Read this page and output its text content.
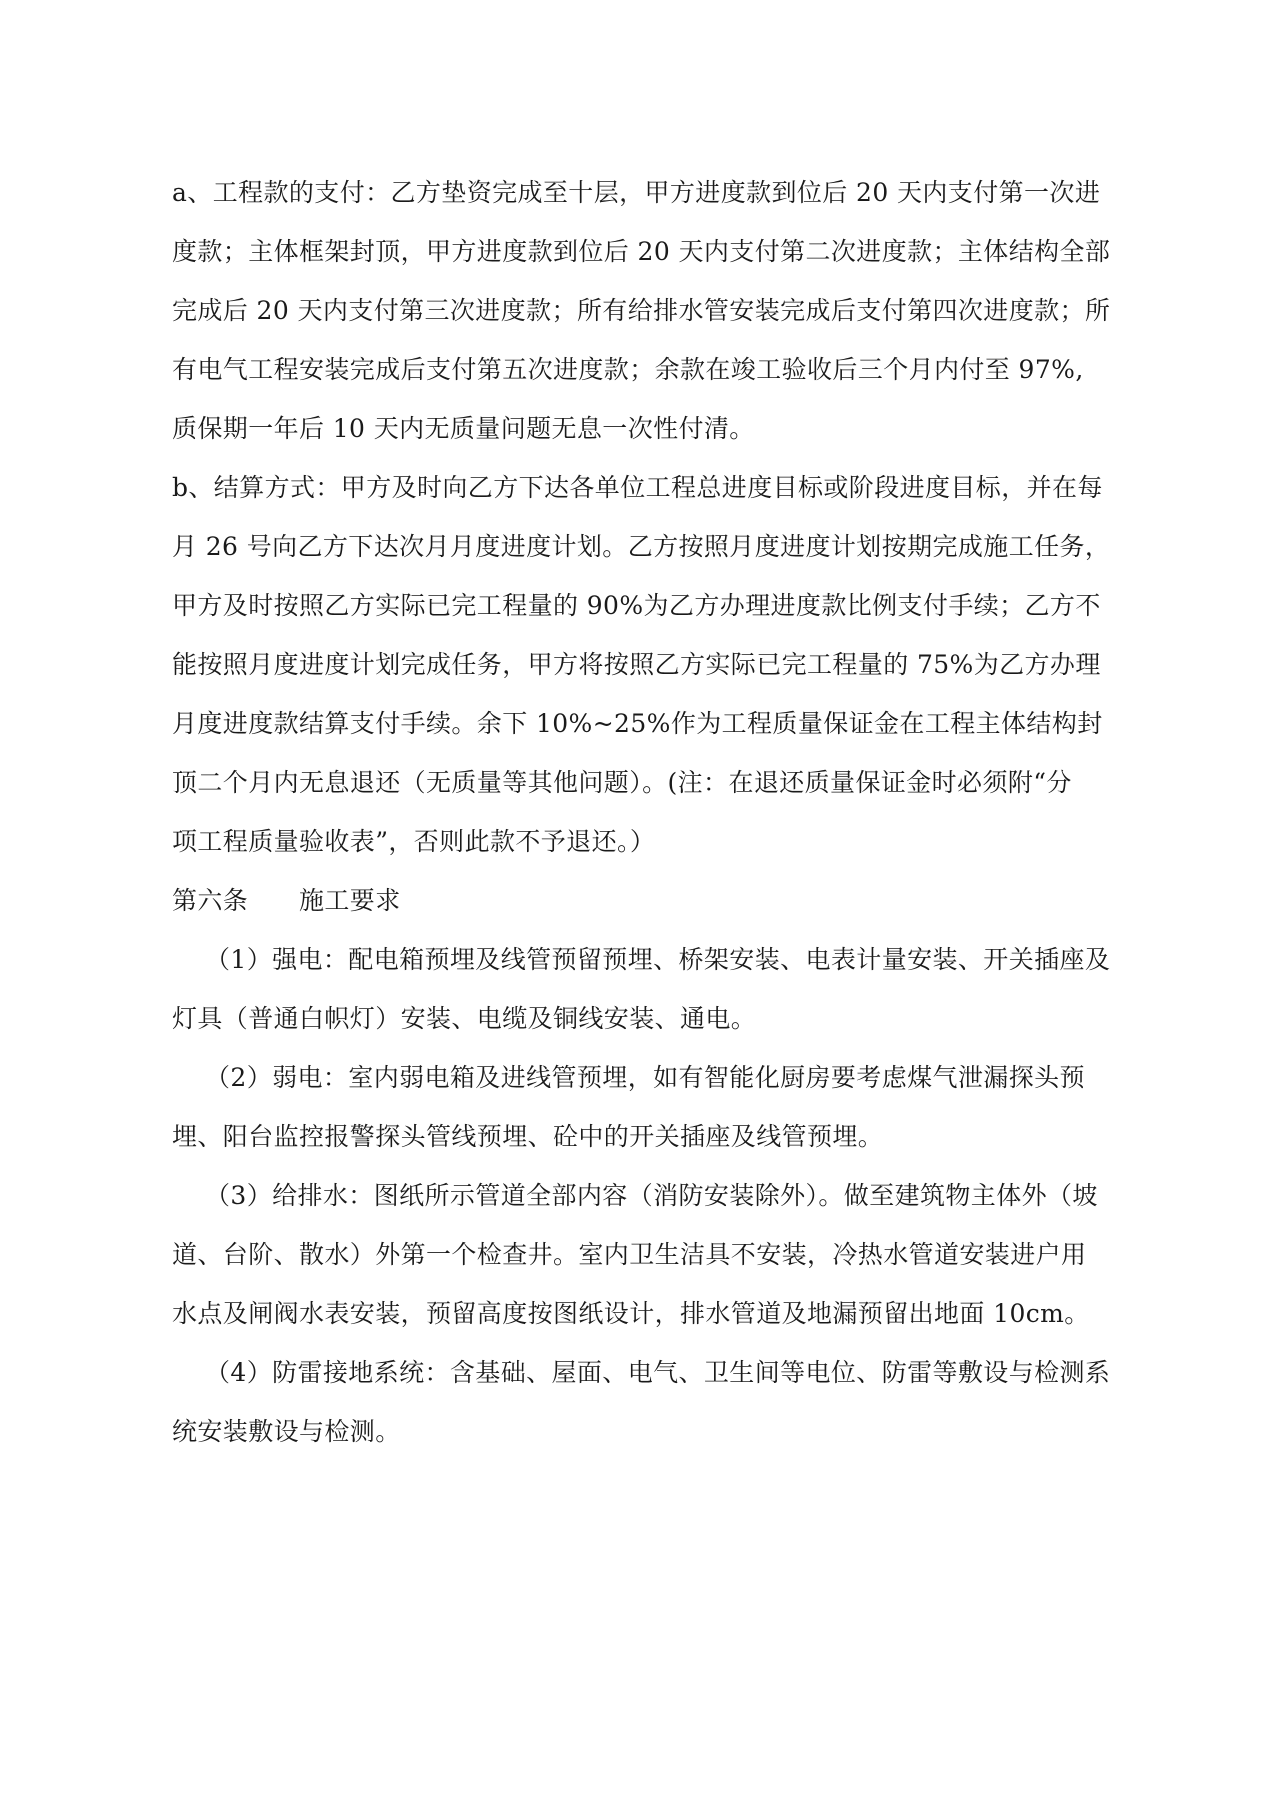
a、工程款的支付：乙方垫资完成至十层，甲方进度款到位后 20 天内支付第一次进

度款；主体框架封顶，甲方进度款到位后 20 天内支付第二次进度款；主体结构全部

完成后 20 天内支付第三次进度款；所有给排水管安装完成后支付第四次进度款；所

有电气工程安装完成后支付第五次进度款；余款在竣工验收后三个月内付至 97%,

质保期一年后 10 天内无质量问题无息一次性付清。

b、结算方式：甲方及时向乙方下达各单位工程总进度目标或阶段进度目标，并在每

月 26 号向乙方下达次月月度进度计划。乙方按照月度进度计划按期完成施工任务，

甲方及时按照乙方实际已完工程量的 90%为乙方办理进度款比例支付手续；乙方不

能按照月度进度计划完成任务，甲方将按照乙方实际已完工程量的 75%为乙方办理

月度进度款结算支付手续。余下 10%~25%作为工程质量保证金在工程主体结构封

顶二个月内无息退还（无质量等其他问题）。(注：在退还质量保证金时必须附“分

项工程质量验收表”，否则此款不予退还。）

第六条　　施工要求

（1）强电：配电箱预埋及线管预留预埋、桥架安装、电表计量安装、开关插座及

灯具（普通白帜灯）安装、电缆及铜线安装、通电。

（2）弱电：室内弱电箱及进线管预埋，如有智能化厨房要考虑煤气泄漏探头预

埋、阳台监控报警探头管线预埋、砼中的开关插座及线管预埋。

（3）给排水：图纸所示管道全部内容（消防安装除外）。做至建筑物主体外（坡

道、台阶、散水）外第一个检查井。室内卫生洁具不安装，冷热水管道安装进户用

水点及闸阀水表安装，预留高度按图纸设计，排水管道及地漏预留出地面 10cm。

（4）防雷接地系统：含基础、屋面、电气、卫生间等电位、防雷等敷设与检测系

统安装敷设与检测。
